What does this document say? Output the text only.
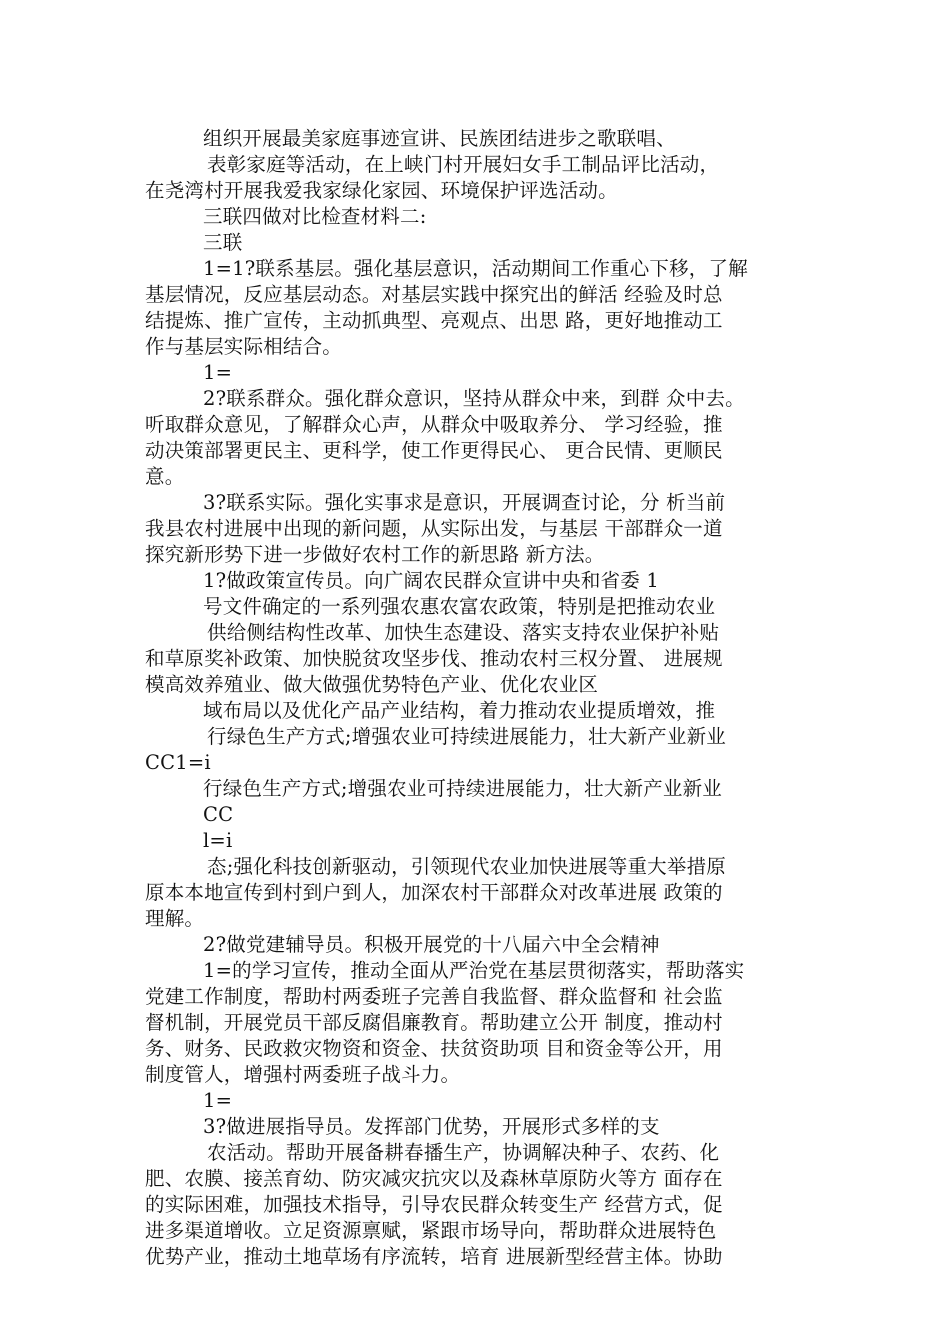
组织开展最美家庭事迹宣讲、民族团结进步之歌联唱、
表彰家庭等活动，在上峡门村开展妇女手工制品评比活动，
在尧湾村开展我爱我家绿化家园、环境保护评选活动。
三联四做对比检查材料二:
三联
1=1?联系基层。强化基层意识，活动期间工作重心下移，了解
基层情况，反应基层动态。对基层实践中探究出的鲜活 经验及时总
结提炼、推广宣传，主动抓典型、亮观点、出思 路，更好地推动工
作与基层实际相结合。
1=
2?联系群众。强化群众意识，坚持从群众中来，到群 众中去。
听取群众意见，了解群众心声，从群众中吸取养分、 学习经验，推
动决策部署更民主、更科学，使工作更得民心、 更合民情、更顺民
意。
3?联系实际。强化实事求是意识，开展调查讨论，分 析当前
我县农村进展中出现的新问题，从实际出发，与基层 干部群众一道
探究新形势下进一步做好农村工作的新思路 新方法。
1?做政策宣传员。向广阔农民群众宣讲中央和省委 1
号文件确定的一系列强农惠农富农政策，特别是把推动农业
供给侧结构性改革、加快生态建设、落实支持农业保护补贴
和草原奖补政策、加快脱贫攻坚步伐、推动农村三权分置、 进展规
模高效养殖业、做大做强优势特色产业、优化农业区
域布局以及优化产品产业结构，着力推动农业提质增效，推
行绿色生产方式;增强农业可持续进展能力，壮大新产业新业
CC1=i
行绿色生产方式;增强农业可持续进展能力，壮大新产业新业
CC
l=i
态;强化科技创新驱动，引领现代农业加快进展等重大举措原
原本本地宣传到村到户到人，加深农村干部群众对改革进展 政策的
理解。
2?做党建辅导员。积极开展党的十八届六中全会精神
1=的学习宣传，推动全面从严治党在基层贯彻落实，帮助落实
党建工作制度，帮助村两委班子完善自我监督、群众监督和 社会监
督机制，开展党员干部反腐倡廉教育。帮助建立公开 制度，推动村
务、财务、民政救灾物资和资金、扶贫资助项 目和资金等公开，用
制度管人，增强村两委班子战斗力。
1=
3?做进展指导员。发挥部门优势，开展形式多样的支
农活动。帮助开展备耕春播生产，协调解决种子、农药、化
肥、农膜、接羔育幼、防灾减灾抗灾以及森林草原防火等方 面存在
的实际困难，加强技术指导，引导农民群众转变生产 经营方式，促
进多渠道增收。立足资源禀赋，紧跟市场导向，帮助群众进展特色
优势产业，推动土地草场有序流转，培育 进展新型经营主体。协助
